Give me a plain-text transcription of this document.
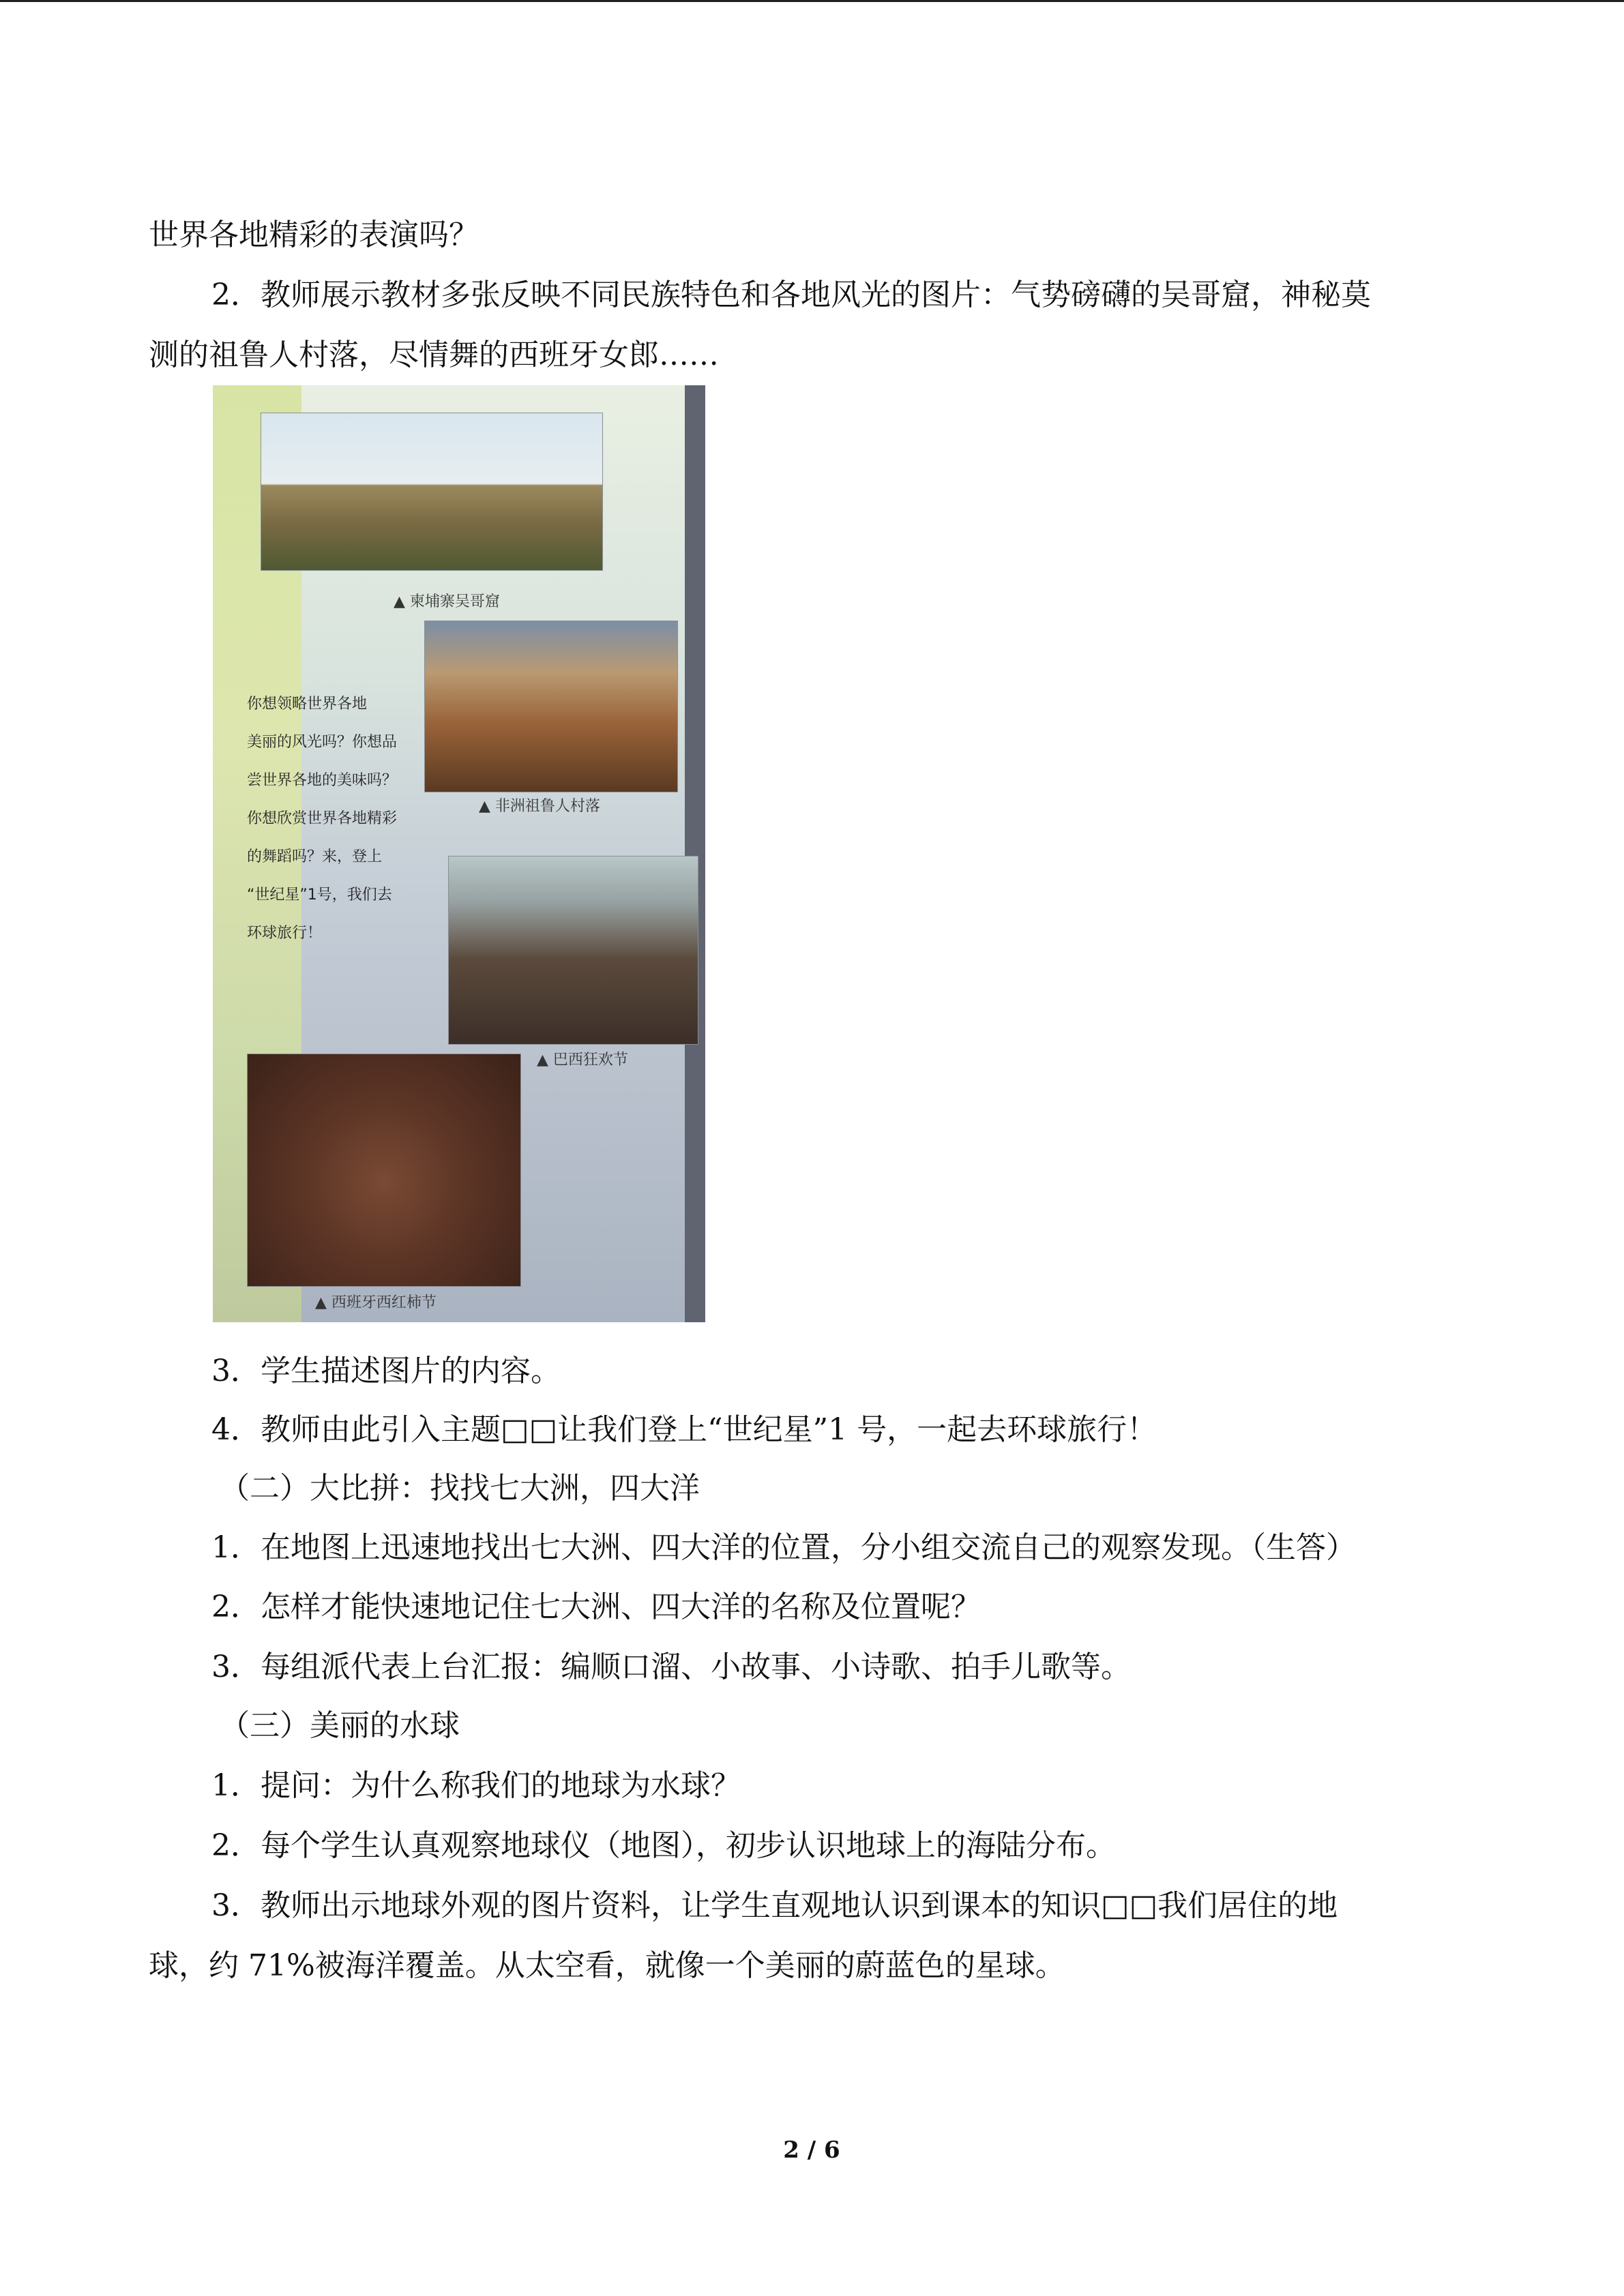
世界各地精彩的表演吗？
2．教师展示教材多张反映不同民族特色和各地风光的图片：气势磅礴的吴哥窟，神秘莫
测的祖鲁人村落，尽情舞的西班牙女郎……
▲ 柬埔寨吴哥窟
▲ 非洲祖鲁人村落
你想领略世界各地
美丽的风光吗？你想品
尝世界各地的美味吗？
你想欣赏世界各地精彩
的舞蹈吗？来，登上
“世纪星”1号，我们去
环球旅行！
▲ 巴西狂欢节
▲ 西班牙西红柿节
3．学生描述图片的内容。
4．教师由此引入主题□□让我们登上“世纪星”1 号，一起去环球旅行！
（二）大比拼：找找七大洲，四大洋
1．在地图上迅速地找出七大洲、四大洋的位置，分小组交流自己的观察发现。（生答）
2．怎样才能快速地记住七大洲、四大洋的名称及位置呢？
3．每组派代表上台汇报：编顺口溜、小故事、小诗歌、拍手儿歌等。
（三）美丽的水球
1．提问：为什么称我们的地球为水球？
2．每个学生认真观察地球仪（地图），初步认识地球上的海陆分布。
3．教师出示地球外观的图片资料，让学生直观地认识到课本的知识□□我们居住的地
球，约 71%被海洋覆盖。从太空看，就像一个美丽的蔚蓝色的星球。
2 / 6
